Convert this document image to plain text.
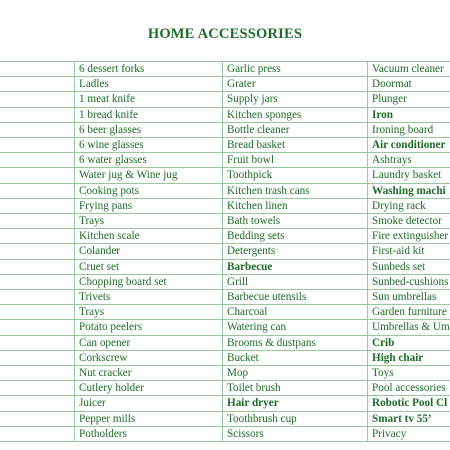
HOME ACCESSORIES
	6 dessert forks	Garlic press	Vacuum cleaner
	Ladles	Grater	Doormat
	1 meat knife	Supply jars	Plunger
	1 bread knife	Kitchen sponges	Iron
	6 beer glasses	Bottle cleaner	Ironing board
	6 wine glasses	Bread basket	Air conditioner
	6 water glasses	Fruit bowl	Ashtrays
	Water jug & Wine jug	Toothpick	Laundry basket
	Cooking pots	Kitchen trash cans	Washing machi
	Frying pans	Kitchen linen	Drying rack
	Trays	Bath towels	Smoke detector
	Kitchen scale	Bedding sets	Fire extinguisher
	Colander	Detergents	First-aid kit
	Cruet set	Barbecue	Sunbeds set
	Chopping board set	Grill	Sunbed-cushions
	Trivets	Barbecue utensils	Sun umbrellas
	Trays	Charcoal	Garden furniture
	Potato peelers	Watering can	Umbrellas & Um
	Can opener	Brooms & dustpans	Crib
	Corkscrew	Bucket	High chair
	Nut cracker	Mop	Toys
	Cutlery holder	Toilet brush	Pool accessories
	Juicer	Hair dryer	Robotic Pool Cl
	Pepper mills	Toothbrush cup	Smart tv 55’
	Potholders	Scissors	Privacy
